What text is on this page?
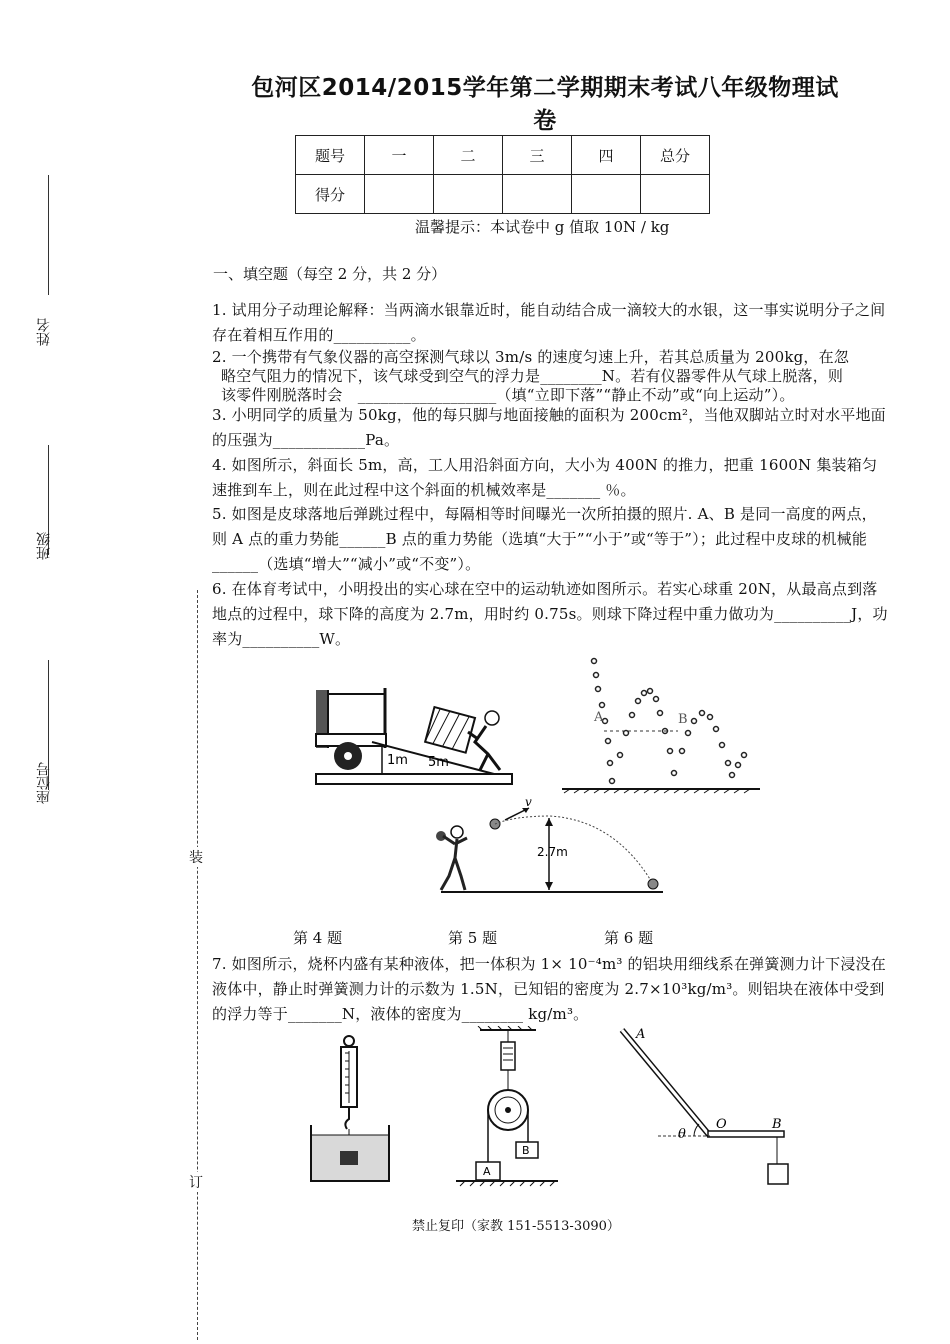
姓名
班级
座位号
装
订
包河区2014/2015学年第二学期期末考试八年级物理试
卷
题号	一	二	三	四	总分
得分					
温馨提示：本试卷中 g 值取 10N / kg
一、填空题（每空 2 分，共 2 分）
1. 试用分子动理论解释：当两滴水银靠近时，能自动结合成一滴较大的水银，这一事实说明分子之间存在着相互作用的__________。
2. 一个携带有气象仪器的高空探测气球以 3m/s 的速度匀速上升，若其总质量为 200kg，在忽
略空气阻力的情况下，该气球受到空气的浮力是________N。若有仪器零件从气球上脱落，则
该零件刚脱落时会　__________________（填“立即下落”“静止不动”或“向上运动”）。
3. 小明同学的质量为 50kg，他的每只脚与地面接触的面积为 200cm²，当他双脚站立时对水平地面的压强为____________Pa。
4. 如图所示，斜面长 5m，高，工人用沿斜面方向，大小为 400N 的推力，把重 1600N 集装箱匀速推到车上，则在此过程中这个斜面的机械效率是_______ ％。
5. 如图是皮球落地后弹跳过程中，每隔相等时间曝光一次所拍摄的照片. A、B 是同一高度的两点，则 A 点的重力势能______B 点的重力势能（选填“大于”“小于”或“等于”）；此过程中皮球的机械能______（选填“增大”“减小”或“不变”）。
6. 在体育考试中，小明投出的实心球在空中的运动轨迹如图所示。若实心球重 20N，从最高点到落地点的过程中，球下降的高度为 2.7m，用时约 0.75s。则球下降过程中重力做功为__________J，功率为__________W。
1m 5m
A	B
v
2.7m
第 4 题	第 5 题	第 6 题
7. 如图所示，烧杯内盛有某种液体，把一体积为 1× 10⁻⁴m³ 的铝块用细线系在弹簧测力计下浸没在液体中，静止时弹簧测力计的示数为 1.5N，已知铝的密度为 2.7×10³kg/m³。则铝块在液体中受到的浮力等于_______N，液体的密度为________ kg/m³。
B
A
θ
A
O	B
禁止复印（家教 151-5513-3090）
